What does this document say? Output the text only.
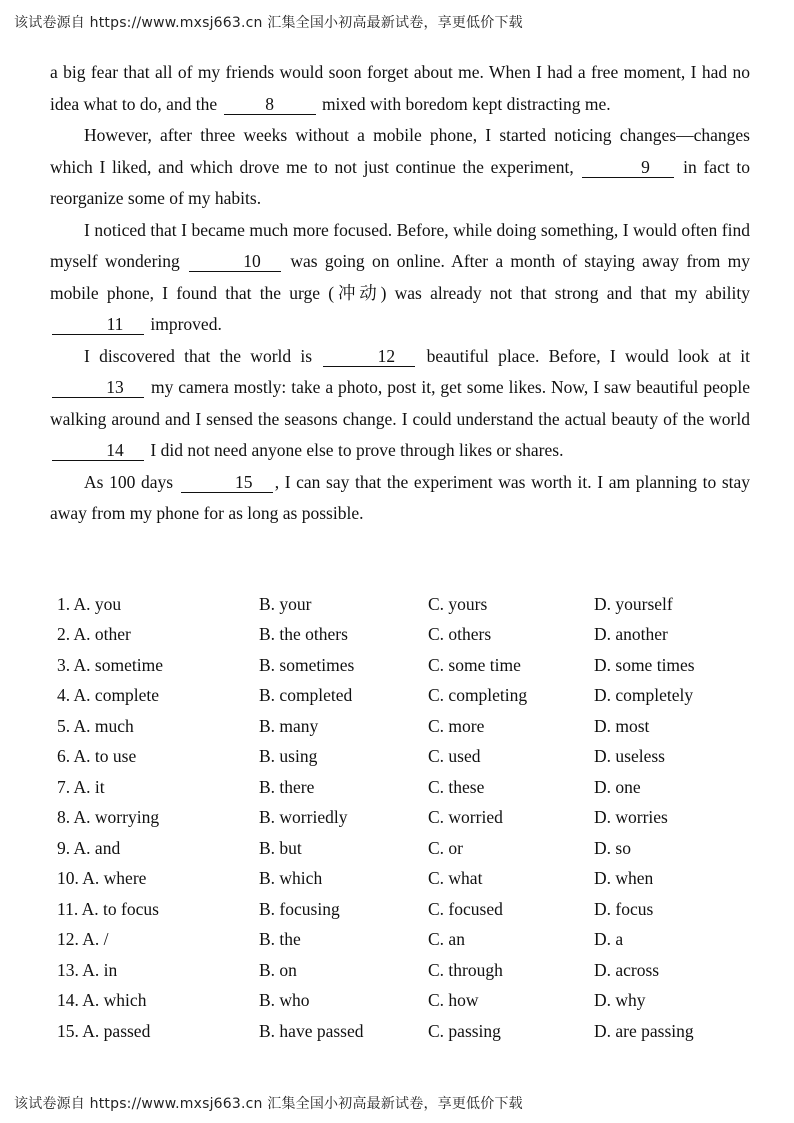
该试卷源自 https://www.mxsj663.cn 汇集全国小初高最新试卷，享更低价下载

a big fear that all of my friends would soon forget about me. When I had a free moment, I had no idea what to do, and the	8	mixed with boredom kept distracting me.

However, after three weeks without a mobile phone, I started noticing changes—changes which I liked, and which drove me to not just continue the experiment,	9 in fact to reorganize some of my habits.

I noticed that I became much more focused. Before, while doing something, I would often find myself wondering	10 was going on online. After a month of staying away from my mobile phone, I found that the urge (冲动) was already not that strong and that my ability 11 improved.

I discovered that the world is	12 beautiful place. Before, I would look at it 13 my camera mostly: take a photo, post it, get some likes. Now, I saw beautiful people walking around and I sensed the seasons change. I could understand the actual beauty of the world 14 I did not need anyone else to prove through likes or shares.

As 100 days	15 , I can say that the experiment was worth it. I am planning to stay away from my phone for as long as possible.

1. A. you	B. your	C. yours	D. yourself
2. A. other	B. the others	C. others	D. another
3. A. sometime	B. sometimes	C. some time	D. some times
4. A. complete	B. completed	C. completing	D. completely
5. A. much	B. many	C. more	D. most
6. A. to use	B. using	C. used	D. useless
7. A. it	B. there	C. these	D. one
8. A. worrying	B. worriedly	C. worried	D. worries
9. A. and	B. but	C. or	D. so
10. A. where	B. which	C. what	D. when
11. A. to focus	B. focusing	C. focused	D. focus
12. A. /	B. the	C. an	D. a
13. A. in	B. on	C. through	D. across
14. A. which	B. who	C. how	D. why
15. A. passed	B. have passed	C. passing	D. are passing
该试卷源自 https://www.mxsj663.cn 汇集全国小初高最新试卷，享更低价下载
